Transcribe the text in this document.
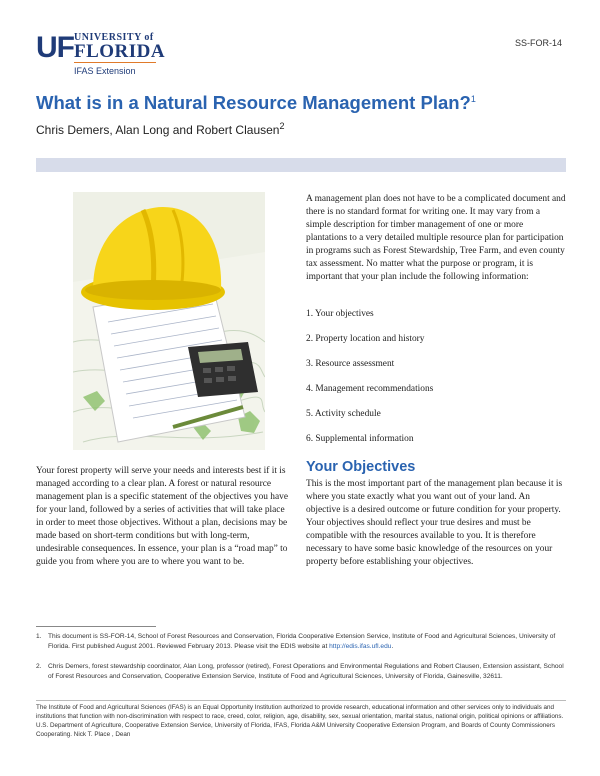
UF UNIVERSITY of
FLORIDA
IFAS Extension
SS-FOR-14
What is in a Natural Resource Management Plan?$^1$
Chris Demers, Alan Long and Robert Clausen$^2$
A management plan does not have to be a complicated document and there is no standard format for writing one. It may vary from a simple description for timber management of one or more plantations to a very detailed multiple resource plan for participation in programs such as Forest Stewardship, Tree Farm, and even county tax assessment. No matter what the purpose or program, it is important that your plan include the following information:
1. Your objectives
2. Property location and history
3. Resource assessment
4. Management recommendations
5. Activity schedule
6. Supplemental information
Your Objectives
This is the most important part of the management plan because it is where you state exactly what you want out of your land. An objective is a desired outcome or future condition for your property. Your objectives should reflect your true desires and must be compatible with the resources available to you. It is therefore necessary to have some basic knowledge of the resources on your property before establishing your objectives.
Your forest property will serve your needs and interests best if it is managed according to a clear plan. A forest or natural resource management plan is a specific statement of the objectives you have for your land, followed by a series of activities that will take place in order to meet those objectives. Without a plan, decisions may be made based on short-term conditions but with long-term, undesirable consequences. In essence, your plan is a “road map” to guide you from where you are to where you want to be.
1. This document is SS-FOR-14, School of Forest Resources and Conservation, Florida Cooperative Extension Service, Institute of Food and Agricultural Sciences, University of Florida. First published August 2001. Reviewed February 2013. Please visit the EDIS website at http://edis.ifas.ufl.edu.
2. Chris Demers, forest stewardship coordinator, Alan Long, professor (retired), Forest Operations and Environmental Regulations and Robert Clausen, Extension assistant, School of Forest Resources and Conservation, Cooperative Extension Service, Institute of Food and Agricultural Sciences, University of Florida, Gainesville, 32611.
The Institute of Food and Agricultural Sciences (IFAS) is an Equal Opportunity Institution authorized to provide research, educational information and other services only to individuals and institutions that function with non-discrimination with respect to race, creed, color, religion, age, disability, sex, sexual orientation, marital status, national origin, political opinions or affiliations. U.S. Department of Agriculture, Cooperative Extension Service, University of Florida, IFAS, Florida A&M University Cooperative Extension Program, and Boards of County Commissioners Cooperating. Nick T. Place , Dean
